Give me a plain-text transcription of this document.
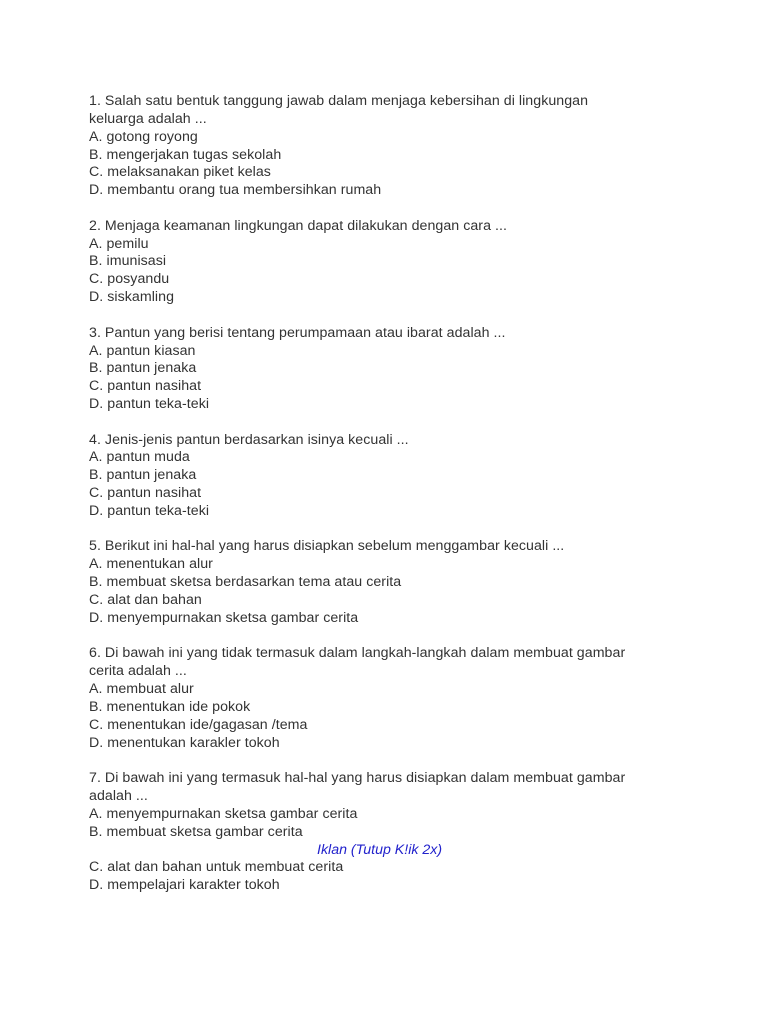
1. Salah satu bentuk tanggung jawab dalam menjaga kebersihan di lingkungan
keluarga adalah ...
A. gotong royong
B. mengerjakan tugas sekolah
C. melaksanakan piket kelas
D. membantu orang tua membersihkan rumah
2. Menjaga keamanan lingkungan dapat dilakukan dengan cara ...
A. pemilu
B. imunisasi
C. posyandu
D. siskamling
3. Pantun yang berisi tentang perumpamaan atau ibarat adalah ...
A. pantun kiasan
B. pantun jenaka
C. pantun nasihat
D. pantun teka-teki
4. Jenis-jenis pantun berdasarkan isinya kecuali ...
A. pantun muda
B. pantun jenaka
C. pantun nasihat
D. pantun teka-teki
5. Berikut ini hal-hal yang harus disiapkan sebelum menggambar kecuali ...
A. menentukan alur
B. membuat sketsa berdasarkan tema atau cerita
C. alat dan bahan
D. menyempurnakan sketsa gambar cerita
6. Di bawah ini yang tidak termasuk dalam langkah-langkah dalam membuat gambar
cerita adalah ...
A. membuat alur
B. menentukan ide pokok
C. menentukan ide/gagasan /tema
D. menentukan karakler tokoh
7. Di bawah ini yang termasuk hal-hal yang harus disiapkan dalam membuat gambar
adalah ...
A. menyempurnakan sketsa gambar cerita
B. membuat sketsa gambar cerita
Iklan (Tutup K!ik 2x)
C. alat dan bahan untuk membuat cerita
D. mempelajari karakter tokoh
